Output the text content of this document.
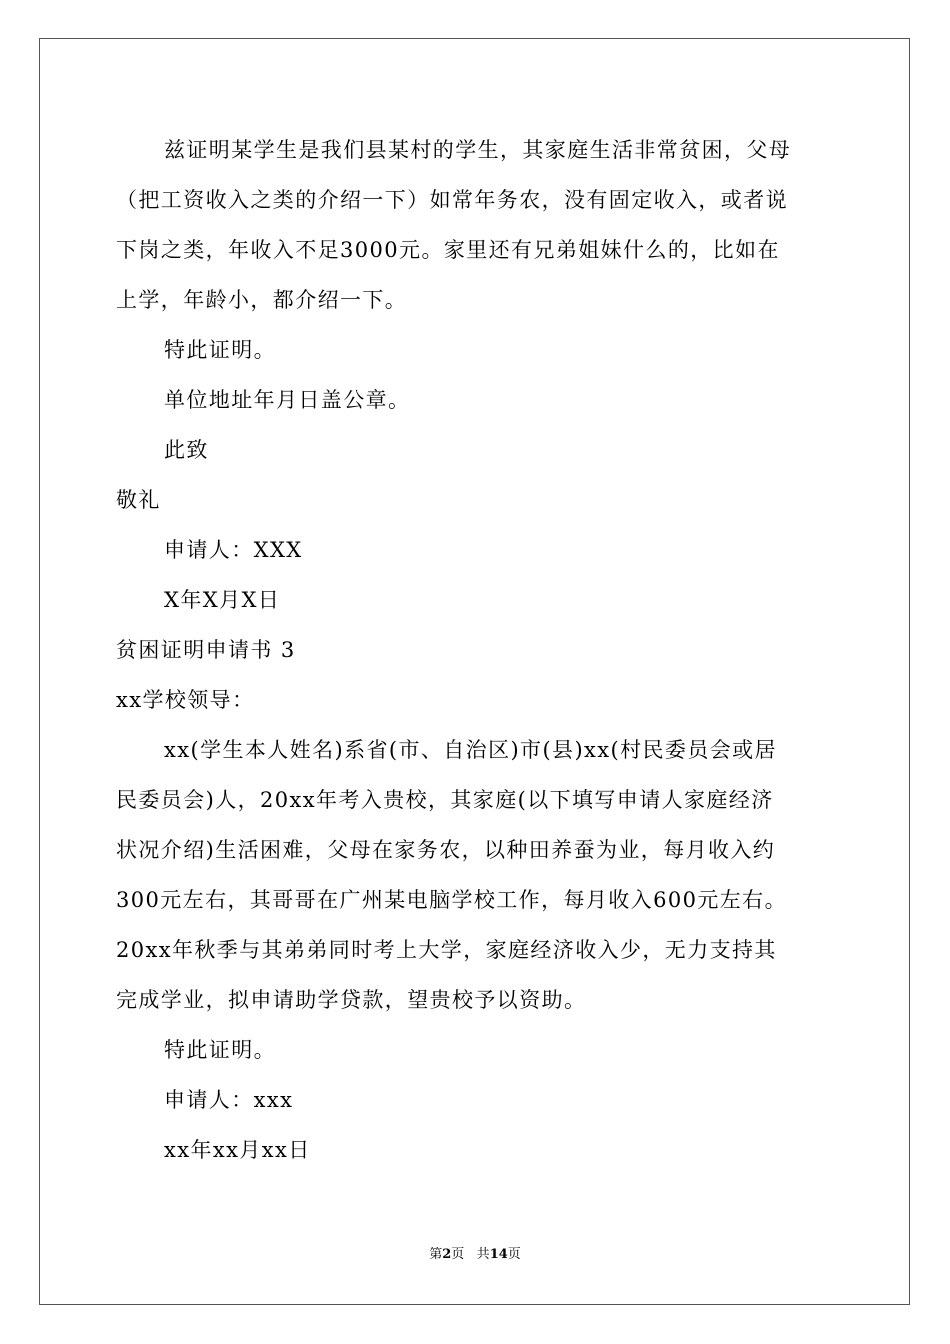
兹证明某学生是我们县某村的学生，其家庭生活非常贫困，父母
（把工资收入之类的介绍一下）如常年务农，没有固定收入，或者说
下岗之类，年收入不足3000元。家里还有兄弟姐妹什么的，比如在
上学，年龄小，都介绍一下。
特此证明。
单位地址年月日盖公章。
此致
敬礼
申请人：XXX
X年X月X日
贫困证明申请书 3
xx学校领导：
xx(学生本人姓名)系省(市、自治区)市(县)xx(村民委员会或居
民委员会)人，20xx年考入贵校，其家庭(以下填写申请人家庭经济
状况介绍)生活困难，父母在家务农，以种田养蚕为业，每月收入约
300元左右，其哥哥在广州某电脑学校工作，每月收入600元左右。
20xx年秋季与其弟弟同时考上大学，家庭经济收入少，无力支持其
完成学业，拟申请助学贷款，望贵校予以资助。
特此证明。
申请人：xxx
xx年xx月xx日
第2页 共14页
